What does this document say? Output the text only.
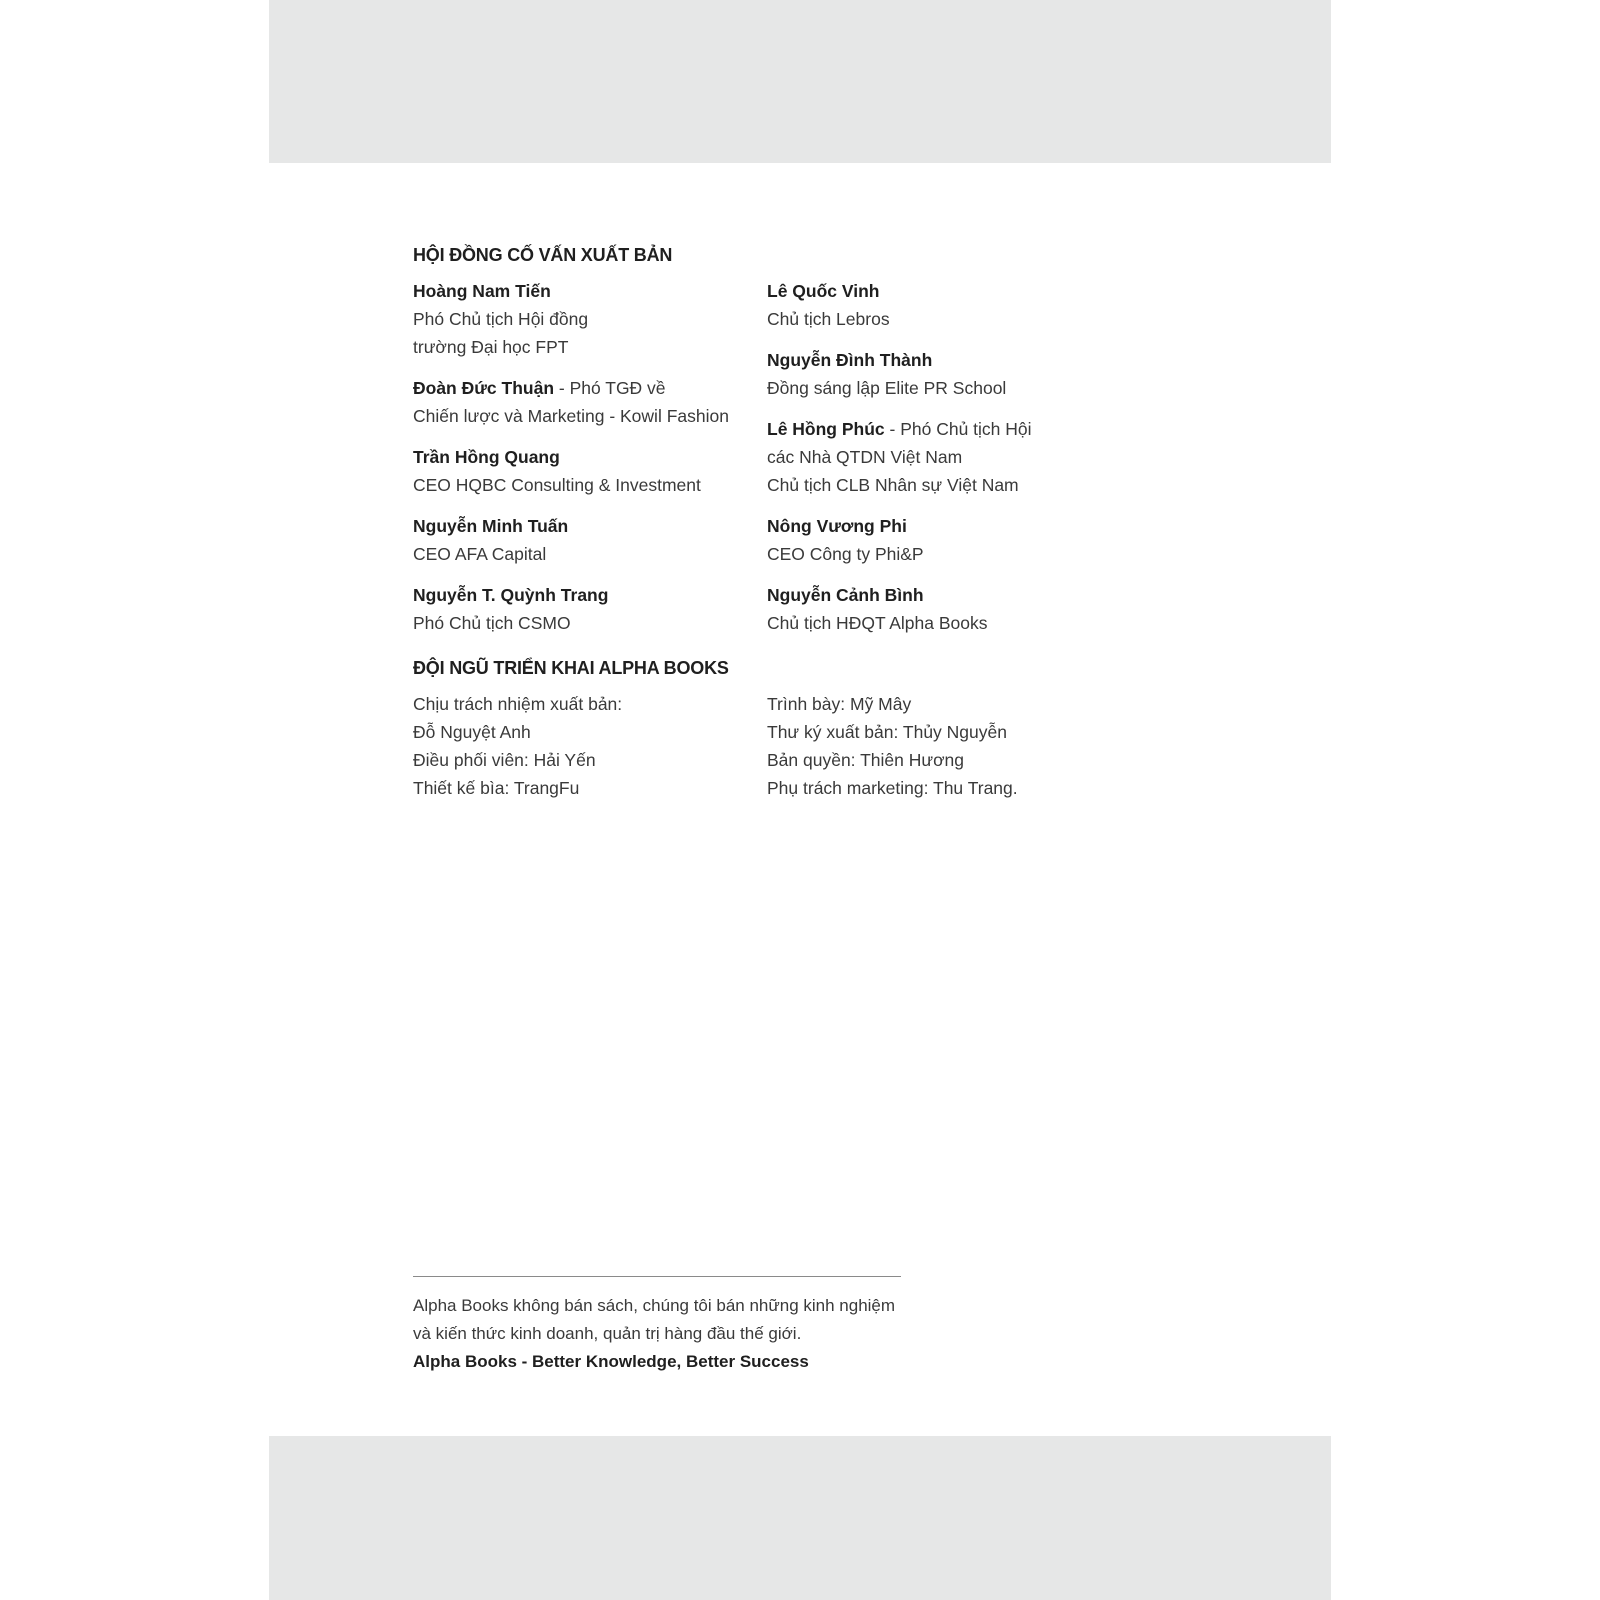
HỘI ĐỒNG CỐ VẤN XUẤT BẢN
Hoàng Nam Tiến
Phó Chủ tịch Hội đồng
trường Đại học FPT
Đoàn Đức Thuận - Phó TGĐ về
Chiến lược và Marketing - Kowil Fashion
Trần Hồng Quang
CEO HQBC Consulting & Investment
Nguyễn Minh Tuấn
CEO AFA Capital
Nguyễn T. Quỳnh Trang
Phó Chủ tịch CSMO
Lê Quốc Vinh
Chủ tịch Lebros
Nguyễn Đình Thành
Đồng sáng lập Elite PR School
Lê Hồng Phúc - Phó Chủ tịch Hội
các Nhà QTDN Việt Nam
Chủ tịch CLB Nhân sự Việt Nam
Nông Vương Phi
CEO Công ty Phi&P
Nguyễn Cảnh Bình
Chủ tịch HĐQT Alpha Books
ĐỘI NGŨ TRIỂN KHAI ALPHA BOOKS
Chịu trách nhiệm xuất bản:
Đỗ Nguyệt Anh
Điều phối viên: Hải Yến
Thiết kế bìa: TrangFu
Trình bày: Mỹ Mây
Thư ký xuất bản: Thủy Nguyễn
Bản quyền: Thiên Hương
Phụ trách marketing: Thu Trang.
Alpha Books không bán sách, chúng tôi bán những kinh nghiệm
và kiến thức kinh doanh, quản trị hàng đầu thế giới.
Alpha Books - Better Knowledge, Better Success
